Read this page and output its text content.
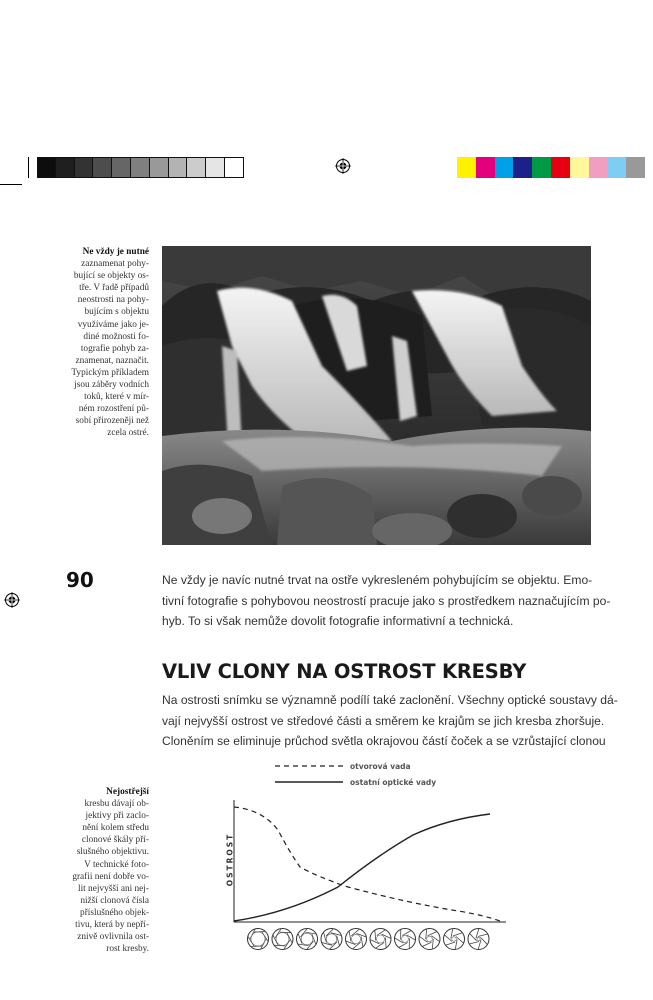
Ne vždy je nutné
zaznamenat pohy-
bující se objekty os-
tře. V řadě případů
neostrosti na pohy-
bujícím s objektu
využíváme jako je-
diné možnosti fo-
tografie pohyb za-
znamenat, naznačit.
Typickým příkladem
jsou záběry vodních
toků, které v mír-
ném rozostření pů-
sobí přirozeněji než
zcela ostré.
90	Ne vždy je navíc nutné trvat na ostře vykresleném pohybujícím se objektu. Emo-
tivní fotografie s pohybovou neostrostí pracuje jako s prostředkem naznačujícím po-
hyb. To si však nemůže dovolit fotografie informativní a technická.
VLIV CLONY NA OSTROST KRESBY
Na ostrosti snímku se významně podílí také zaclonění. Všechny optické soustavy dá-
vají nejvyšší ostrost ve středové části a směrem ke krajům se jich kresba zhoršuje.
Cloněním se eliminuje průchod světla okrajovou částí čoček a se vzrůstající clonou
Nejostřejší
kresbu dávají ob-
jektivy při zaclo-
nění kolem středu
clonové škály pří-
slušného objektivu.
V technické foto-
grafii není dobře vo-
lit nejvyšší ani nej-
nižší clonová čísla
příslušného objek-
tivu, která by nepří-
znivě ovlivnila ost-
rost kresby.
otvorová vada
ostatní optické vady
OSTROST
